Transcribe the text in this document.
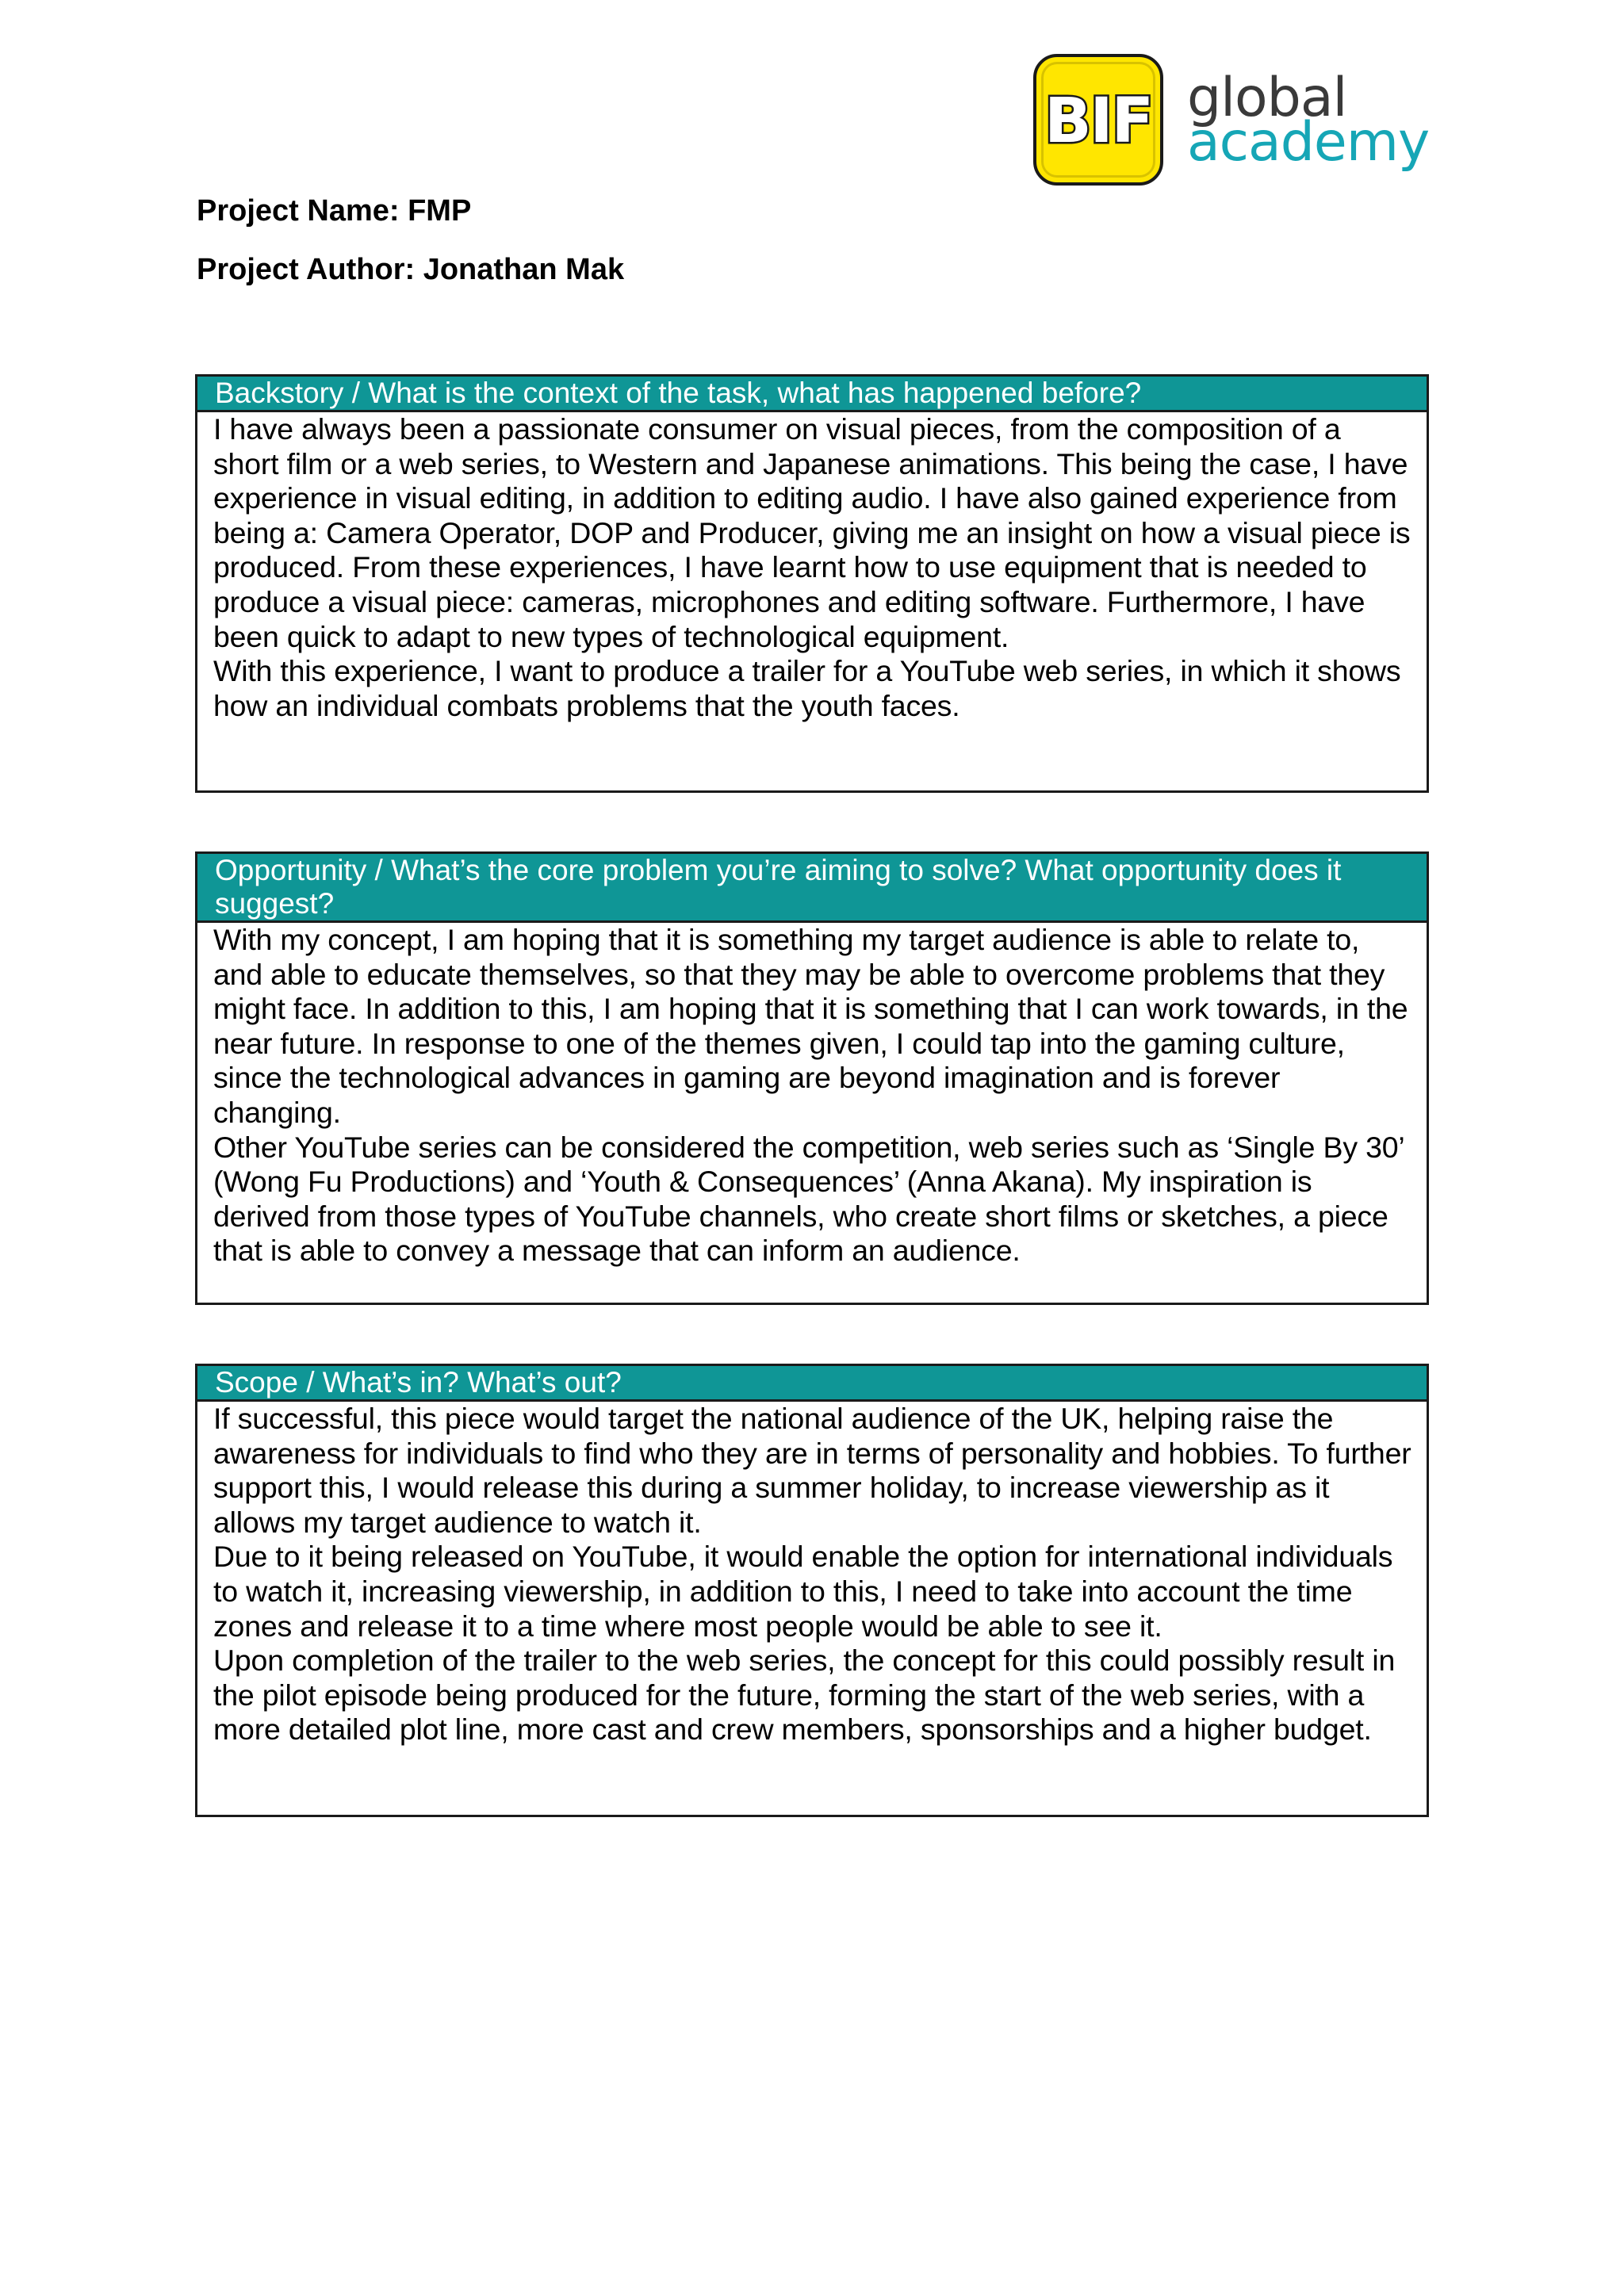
BIF global
academy
Project Name: FMP
Project Author: Jonathan Mak
Backstory / What is the context of the task, what has happened before?

I have always been a passionate consumer on visual pieces, from the composition of a short film or a web series, to Western and Japanese animations. This being the case, I have experience in visual editing, in addition to editing audio. I have also gained experience from being a: Camera Operator, DOP and Producer, giving me an insight on how a visual piece is produced. From these experiences, I have learnt how to use equipment that is needed to produce a visual piece: cameras, microphones and editing software. Furthermore, I have been quick to adapt to new types of technological equipment.

With this experience, I want to produce a trailer for a YouTube web series, in which it shows how an individual combats problems that the youth faces.

Opportunity / What’s the core problem you’re aiming to solve? What opportunity does it suggest?

With my concept, I am hoping that it is something my target audience is able to relate to, and able to educate themselves, so that they may be able to overcome problems that they might face. In addition to this, I am hoping that it is something that I can work towards, in the near future. In response to one of the themes given, I could tap into the gaming culture, since the technological advances in gaming are beyond imagination and is forever changing.

Other YouTube series can be considered the competition, web series such as ‘Single By 30’ (Wong Fu Productions) and ‘Youth & Consequences’ (Anna Akana). My inspiration is derived from those types of YouTube channels, who create short films or sketches, a piece that is able to convey a message that can inform an audience.

Scope / What’s in? What’s out?

If successful, this piece would target the national audience of the UK, helping raise the awareness for individuals to find who they are in terms of personality and hobbies. To further support this, I would release this during a summer holiday, to increase viewership as it allows my target audience to watch it.

Due to it being released on YouTube, it would enable the option for international individuals to watch it, increasing viewership, in addition to this, I need to take into account the time zones and release it to a time where most people would be able to see it.

Upon completion of the trailer to the web series, the concept for this could possibly result in the pilot episode being produced for the future, forming the start of the web series, with a more detailed plot line, more cast and crew members, sponsorships and a higher budget.
